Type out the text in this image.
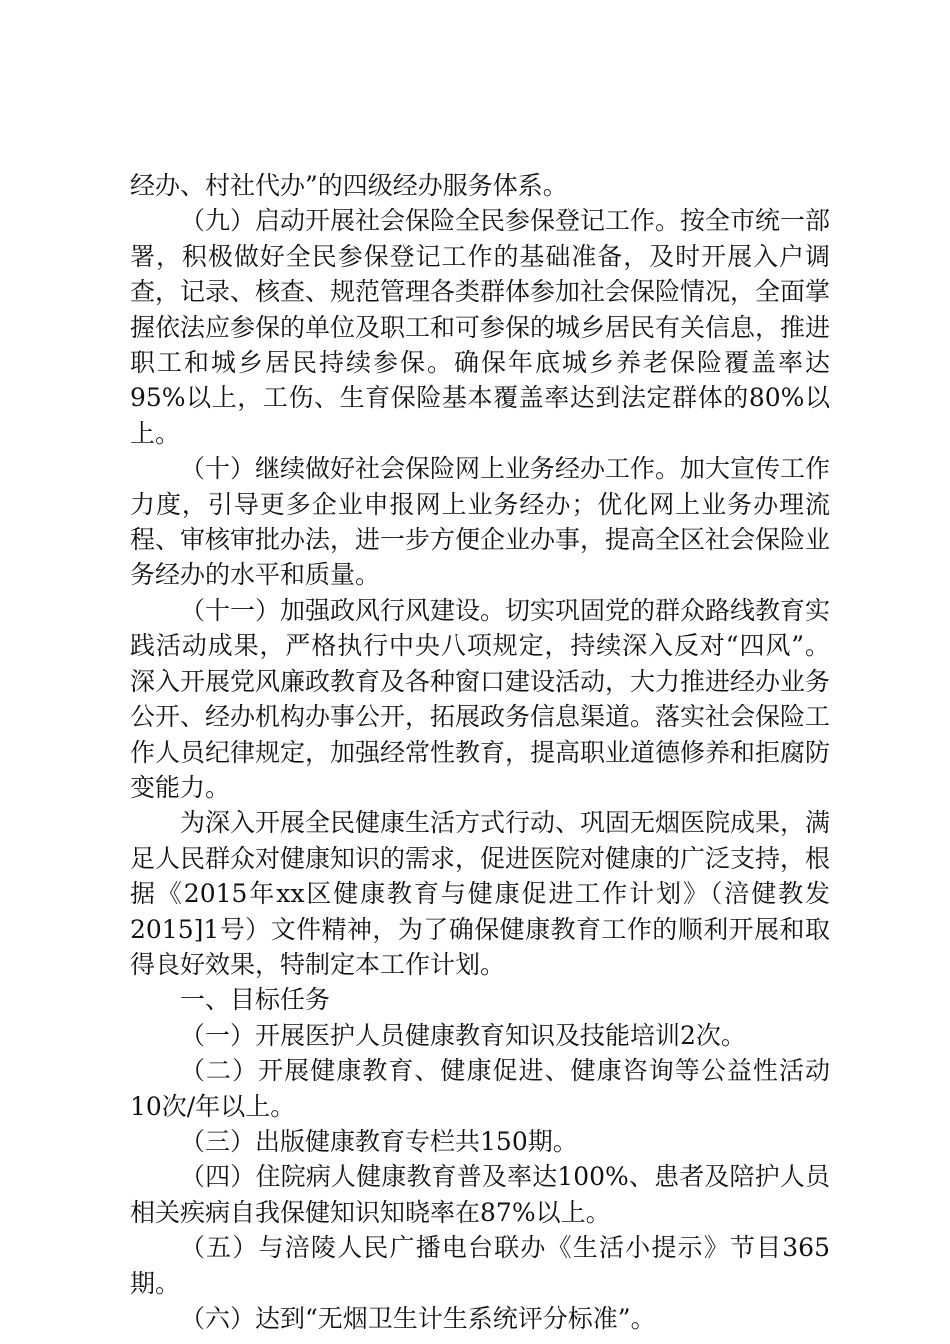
经办、村社代办”的四级经办服务体系。

（九）启动开展社会保险全民参保登记工作。按全市统一部署，积极做好全民参保登记工作的基础准备，及时开展入户调查，记录、核查、规范管理各类群体参加社会保险情况，全面掌握依法应参保的单位及职工和可参保的城乡居民有关信息，推进职工和城乡居民持续参保。确保年底城乡养老保险覆盖率达95%以上，工伤、生育保险基本覆盖率达到法定群体的80%以上。

（十）继续做好社会保险网上业务经办工作。加大宣传工作力度，引导更多企业申报网上业务经办；优化网上业务办理流程、审核审批办法，进一步方便企业办事，提高全区社会保险业务经办的水平和质量。

（十一）加强政风行风建设。切实巩固党的群众路线教育实践活动成果，严格执行中央八项规定，持续深入反对“四风”。深入开展党风廉政教育及各种窗口建设活动，大力推进经办业务公开、经办机构办事公开，拓展政务信息渠道。落实社会保险工作人员纪律规定，加强经常性教育，提高职业道德修养和拒腐防变能力。

为深入开展全民健康生活方式行动、巩固无烟医院成果，满足人民群众对健康知识的需求，促进医院对健康的广泛支持，根据《2015年xx区健康教育与健康促进工作计划》（涪健教发2015]1号）文件精神，为了确保健康教育工作的顺利开展和取得良好效果，特制定本工作计划。

一、目标任务

（一）开展医护人员健康教育知识及技能培训2次。

（二）开展健康教育、健康促进、健康咨询等公益性活动10次/年以上。

（三）出版健康教育专栏共150期。

（四）住院病人健康教育普及率达100%、患者及陪护人员相关疾病自我保健知识知晓率在87%以上。

（五）与涪陵人民广播电台联办《生活小提示》节目365期。

（六）达到“无烟卫生计生系统评分标准”。
